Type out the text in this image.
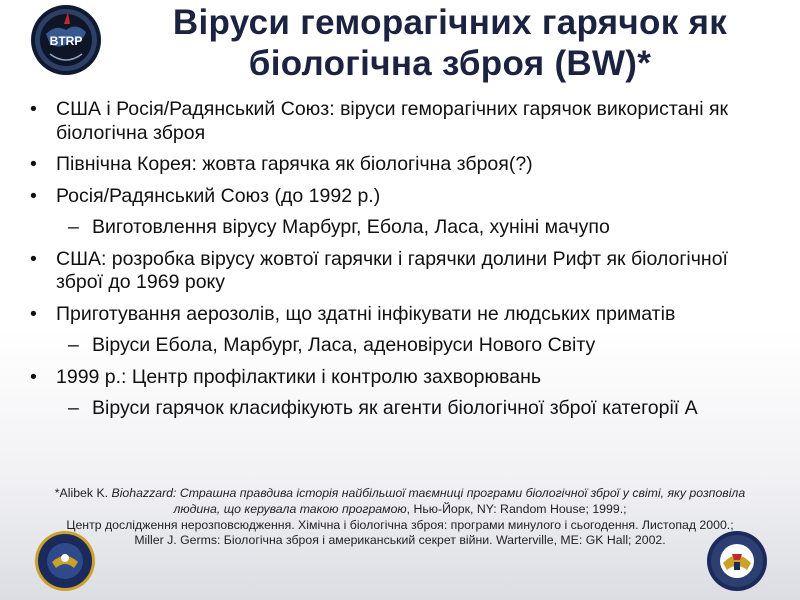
BTRP	Віруси геморагічних гарячок як
біологічна зброя (BW)*
• США і Росія/Радянський Союз: віруси геморагічних гарячок використані як біологічна зброя
• Північна Корея: жовта гарячка як біологічна зброя(?)
• Росія/Радянський Союз (до 1992 р.)
– Виготовлення вірусу Марбург, Ебола, Ласа, хуніні мачупо
• США: розробка вірусу жовтої гарячки і гарячки долини Рифт як біологічної зброї до 1969 року
• Приготування аерозолів, що здатні інфікувати не людських приматів
– Віруси Ебола, Марбург, Ласа, аденовіруси Нового Світу
• 1999 р.: Центр профілактики і контролю захворювань
– Віруси гарячок класифікують як агенти біологічної зброї категорії А
*Alibek K. Biohazzard: Страшна правдива історія найбільшої таємниці програми біологічної зброї у світі, яку розповіла
людина, що керувала такою програмою, Нью-Йорк, NY: Random House; 1999.;
Центр дослідження нерозповсюдження. Хімічна і біологічна зброя: програми минулого і сьогодення. Листопад 2000.;
Miller J. Germs: Біологічна зброя і американський секрет війни. Warterville, ME: GK Hall; 2002.
